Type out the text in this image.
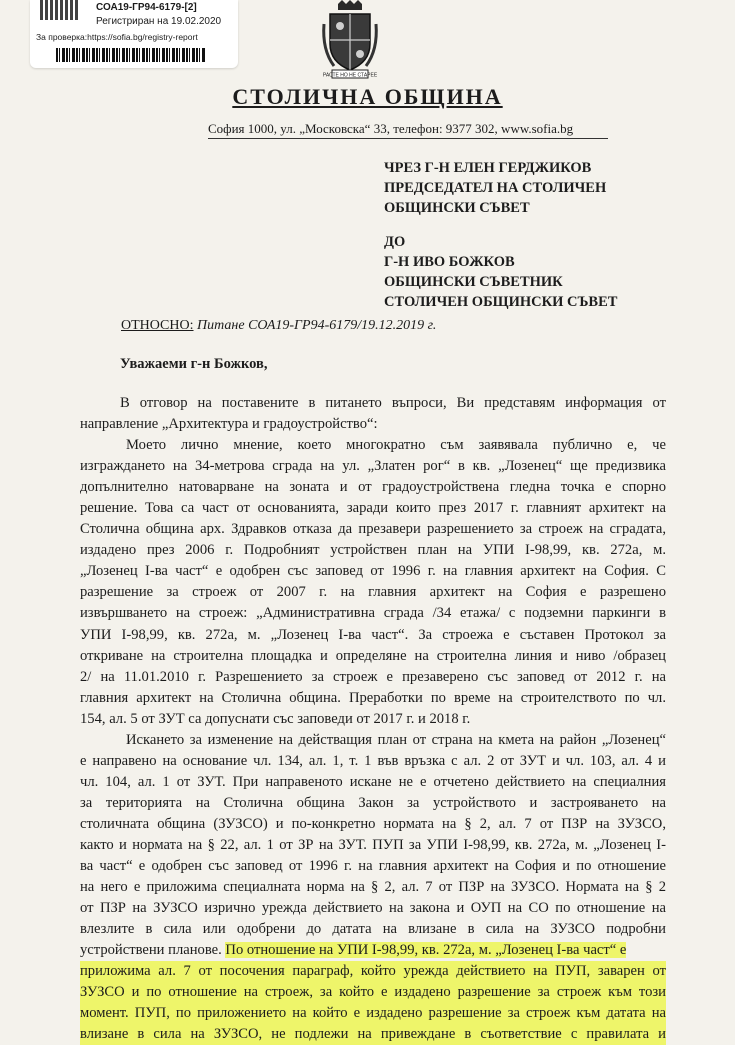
СОА19-ГР94-6179-[2]
Регистриран на 19.02.2020
За проверка:https://sofia.bg/registry-report
РАСТЕ НО НЕ СТАРЕЕ
СТОЛИЧНА ОБЩИНА
София 1000, ул. „Московска“ 33, телефон: 9377 302, www.sofia.bg
ЧРЕЗ Г-Н ЕЛЕН ГЕРДЖИКОВ
ПРЕДСЕДАТЕЛ НА СТОЛИЧЕН
ОБЩИНСКИ СЪВЕТ
ДО
Г-Н ИВО БОЖКОВ
ОБЩИНСКИ СЪВЕТНИК
СТОЛИЧЕН ОБЩИНСКИ СЪВЕТ
ОТНОСНО: Питане СОА19-ГР94-6179/19.12.2019 г.
Уважаеми г-н Божков,
В отговор на поставените в питането въпроси, Ви представям информация от
направление „Архитектура и градоустройство“:
Моето лично мнение, което многократно съм заявявала публично е, че
изграждането на 34-метрова сграда на ул. „Златен рог“ в кв. „Лозенец“ ще предизвика
допълнително натоварване на зоната и от градоустройствена гледна точка е спорно
решение. Това са част от основанията, заради които през 2017 г. главният архитект на
Столична община арх. Здравков отказа да презавери разрешението за строеж на сградата,
издадено през 2006 г. Подробният устройствен план на УПИ I-98,99, кв. 272а, м.
„Лозенец I-ва част“ е одобрен със заповед от 1996 г. на главния архитект на София. С
разрешение за строеж от 2007 г. на главния архитект на София е разрешено
извършването на строеж: „Административна сграда /34 етажа/ с подземни паркинги в
УПИ I-98,99, кв. 272а, м. „Лозенец I-ва част“. За строежа е съставен Протокол за
откриване на строителна площадка и определяне на строителна линия и ниво /образец
2/ на 11.01.2010 г. Разрешението за строеж е презаверено със заповед от 2012 г. на
главния архитект на Столична община. Преработки по време на строителството по чл.
154, ал. 5 от ЗУТ са допуснати със заповеди от 2017 г. и 2018 г.
Искането за изменение на действащия план от страна на кмета на район „Лозенец“
е направено на основание чл. 134, ал. 1, т. 1 във връзка с ал. 2 от ЗУТ и чл. 103, ал. 4 и
чл. 104, ал. 1 от ЗУТ. При направеното искане не е отчетено действието на специалния
за територията на Столична община Закон за устройството и застрояването на
столичната община (ЗУЗСО) и по-конкретно нормата на § 2, ал. 7 от ПЗР на ЗУЗСО,
както и нормата на § 22, ал. 1 от ЗР на ЗУТ. ПУП за УПИ I-98,99, кв. 272а, м. „Лозенец I-
ва част“ е одобрен със заповед от 1996 г. на главния архитект на София и по отношение
на него е приложима специалната норма на § 2, ал. 7 от ПЗР на ЗУЗСО. Нормата на § 2
от ПЗР на ЗУЗСО изрично урежда действието на закона и ОУП на СО по отношение на
влезлите в сила или одобрени до датата на влизане в сила на ЗУЗСО подробни
устройствени планове. По отношение на УПИ I-98,99, кв. 272а, м. „Лозенец I-ва част“ е
приложима ал. 7 от посочения параграф, който урежда действието на ПУП, заварен от
ЗУЗСО и по отношение на строеж, за който е издадено разрешение за строеж към този
момент. ПУП, по приложението на който е издадено разрешение за строеж към датата на
влизане в сила на ЗУЗСО, не подлежи на привеждане в съответствие с правилата и
